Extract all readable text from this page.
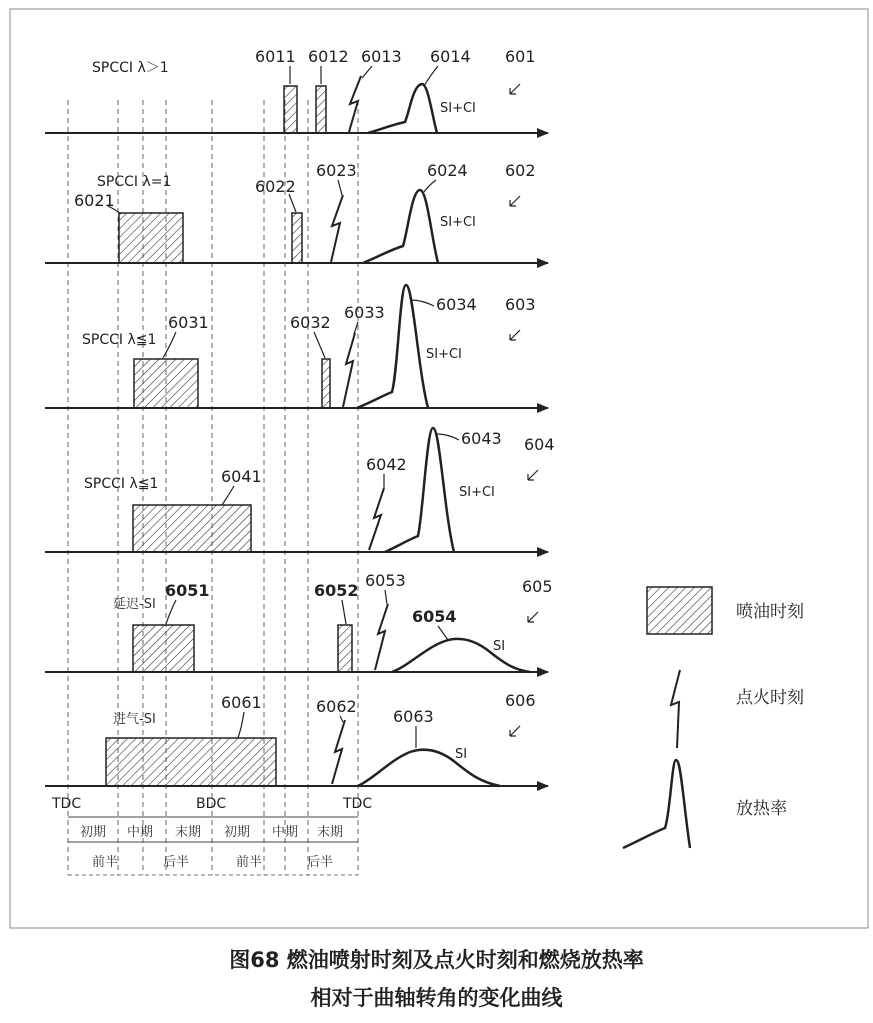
SPCCI λ＞1
6011 6012 6013 6014
SI+CI
601
SPCCI λ=1
6021
6022
6023	6024
SI+CI
602
SPCCI λ≦1
6031	6032
6033	6034
SI+CI
603
SPCCI λ≦1	6041
6042
6043
SI+CI
604
延迟-SI
6051	6052
6053
6054
SI
605
进气-SI
6061	6062
6063
SI
606
TDC	BDC	TDC
初期 中期 末期 初期 中期 末期
前半	后半	前半	后半
喷油时刻
点火时刻
放热率
图68 燃油喷射时刻及点火时刻和燃烧放热率
相对于曲轴转角的变化曲线
